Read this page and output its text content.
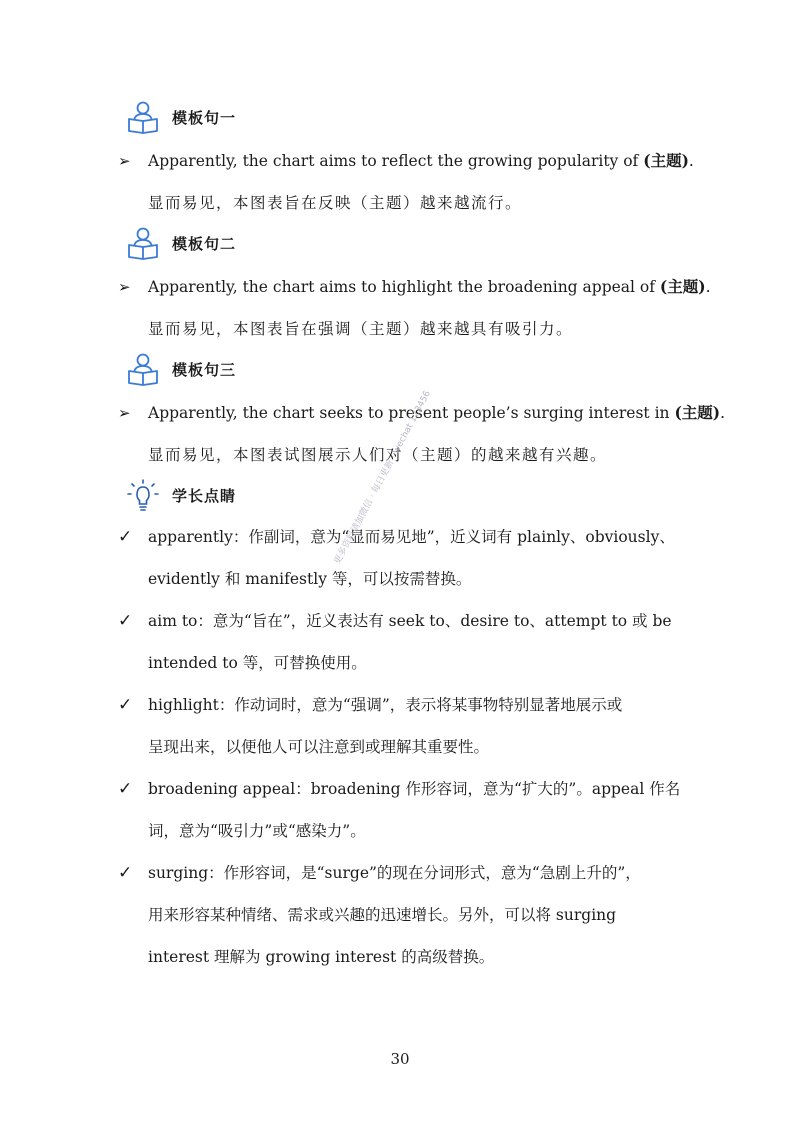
模板句一
➢ Apparently, the chart aims to reflect the growing popularity of (主题).
显而易见，本图表旨在反映（主题）越来越流行。
模板句二
➢ Apparently, the chart aims to highlight the broadening appeal of (主题).
显而易见，本图表旨在强调（主题）越来越具有吸引力。
模板句三
➢ Apparently, the chart seeks to present people’s surging interest in (主题).
显而易见，本图表试图展示人们对（主题）的越来越有兴趣。
学长点睛
✓ apparently：作副词，意为“显而易见地”，近义词有 plainly、obviously、
evidently 和 manifestly 等，可以按需替换。
✓ aim to：意为“旨在”，近义表达有 seek to、desire to、attempt to 或 be
intended to 等，可替换使用。
✓ highlight：作动词时，意为“强调”，表示将某事物特别显著地展示或
呈现出来，以便他人可以注意到或理解其重要性。
✓ broadening appeal：broadening 作形容词，意为“扩大的”。appeal 作名
词，意为“吸引力”或“感染力”。
✓ surging：作形容词，是“surge”的现在分词形式，意为“急剧上升的”，
用来形容某种情绪、需求或兴趣的迅速增长。另外，可以将 surging
interest 理解为 growing interest 的高级替换。
更多资料请加微信 · 每日更新 · wechat 123456
30
